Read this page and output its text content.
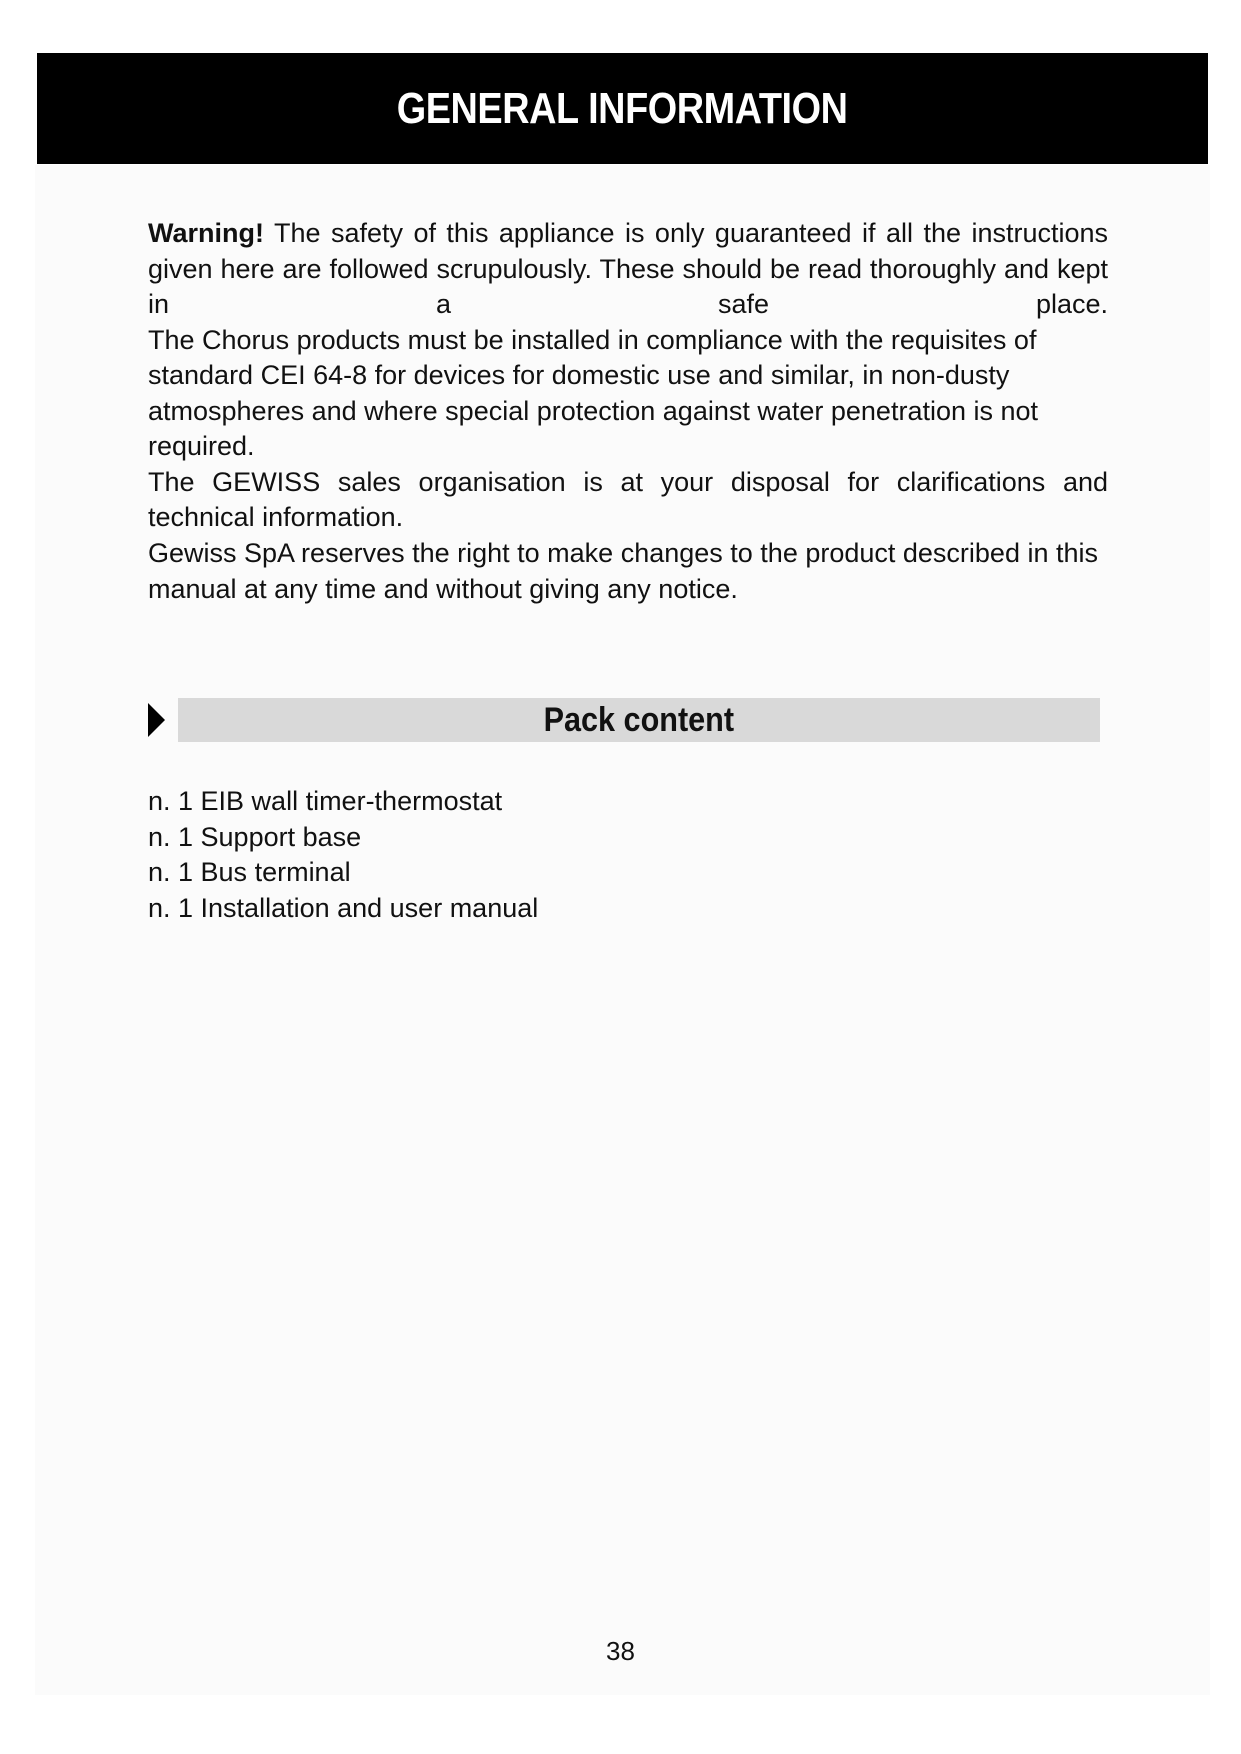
GENERAL INFORMATION

Warning! The safety of this appliance is only guaranteed if all the instructions given here are followed scrupulously. These should be read thoroughly and kept in a safe place.

The Chorus products must be installed in compliance with the requisites of standard CEI 64-8 for devices for domestic use and similar, in non-dusty atmospheres and where special protection against water penetration is not required.

The GEWISS sales organisation is at your disposal for clarifications and technical information.

Gewiss SpA reserves the right to make changes to the product described in this manual at any time and without giving any notice.

Pack content
n. 1 EIB wall timer-thermostat
n. 1 Support base
n. 1 Bus terminal
n. 1 Installation and user manual
38
